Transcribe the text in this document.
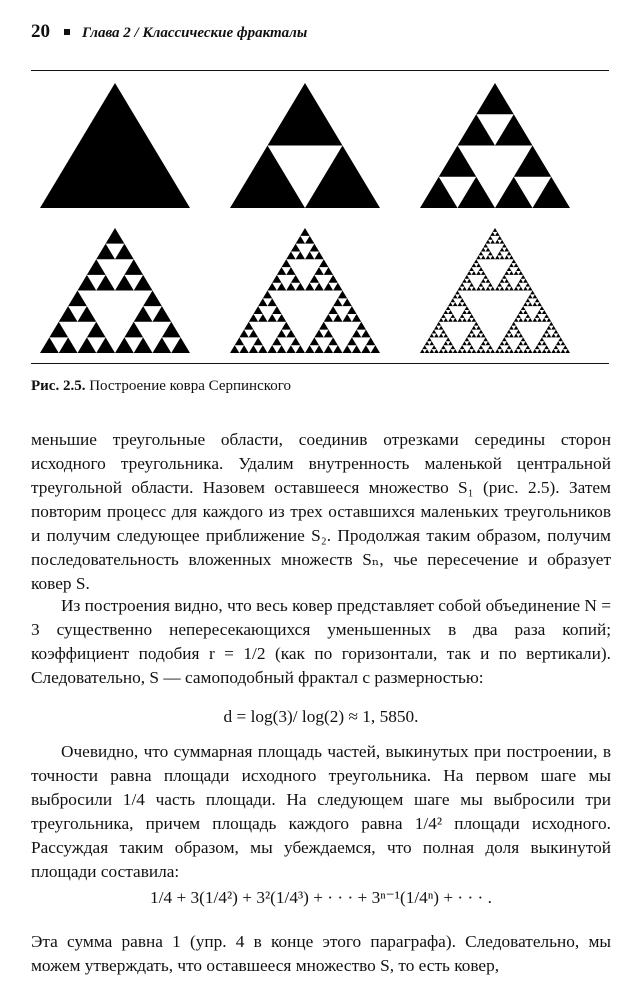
20 Глава 2 / Классические фракталы
Рис. 2.5. Построение ковра Серпинского

меньшие треугольные области, соединив отрезками середины сторон исходного треугольника. Удалим внутренность маленькой центральной треугольной области. Назовем оставшееся множество S₁ (рис. 2.5). Затем повторим процесс для каждого из трех оставшихся маленьких треугольников и получим следующее приближение S₂. Продолжая таким образом, получим последовательность вложенных множеств Sₙ, чье пересечение и образует ковер S.

Из построения видно, что весь ковер представляет собой объединение N = 3 существенно непересекающихся уменьшенных в два раза копий; коэффициент подобия r = 1/2 (как по горизонтали, так и по вертикали). Следовательно, S — самоподобный фрактал с размерностью:

d = log(3)/ log(2) ≈ 1, 5850.

Очевидно, что суммарная площадь частей, выкинутых при построении, в точности равна площади исходного треугольника. На первом шаге мы выбросили 1/4 часть площади. На следующем шаге мы выбросили три треугольника, причем площадь каждого равна 1/4² площади исходного. Рассуждая таким образом, мы убеждаемся, что полная доля выкинутой площади составила:

1/4 + 3(1/4²) + 3²(1/4³) + · · · + 3ⁿ⁻¹(1/4ⁿ) + · · · .

Эта сумма равна 1 (упр. 4 в конце этого параграфа). Следовательно, мы можем утверждать, что оставшееся множество S, то есть ковер,
